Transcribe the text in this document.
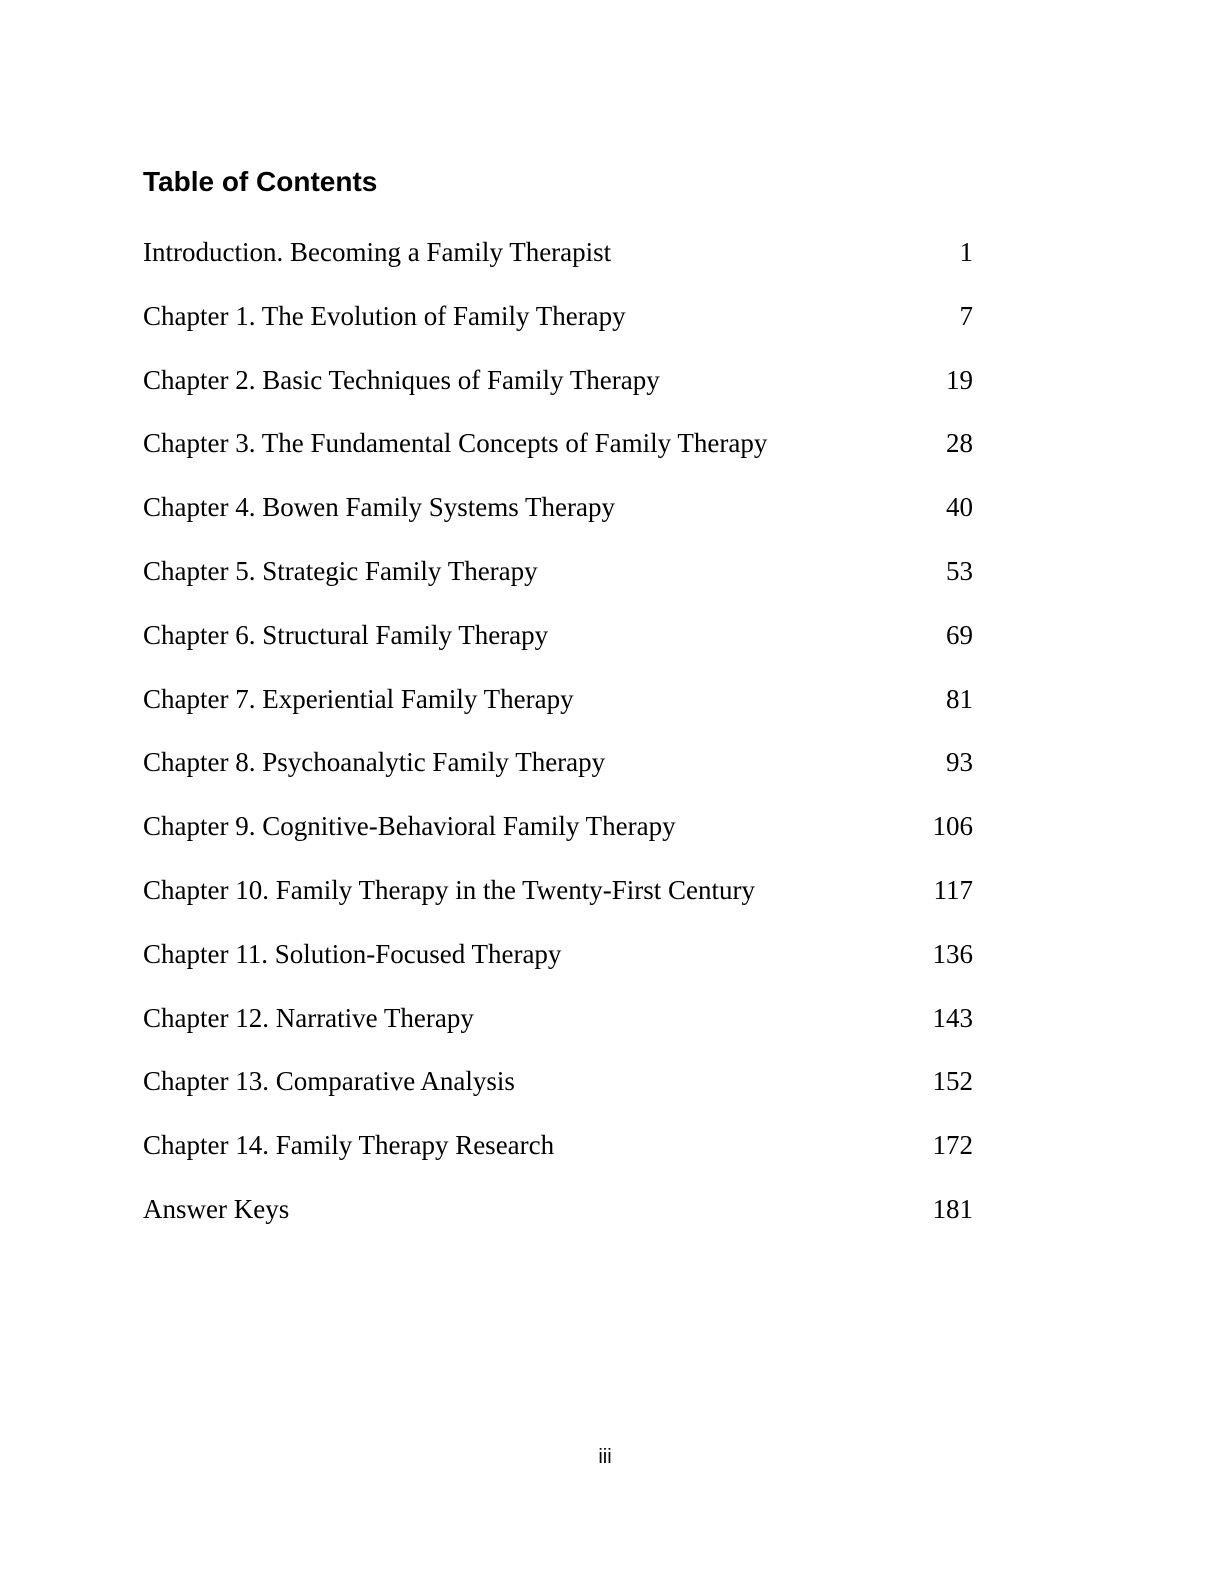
Table of Contents
Introduction. Becoming a Family Therapist	1
Chapter 1. The Evolution of Family Therapy	7
Chapter 2. Basic Techniques of Family Therapy	19
Chapter 3. The Fundamental Concepts of Family Therapy	28
Chapter 4. Bowen Family Systems Therapy	40
Chapter 5. Strategic Family Therapy	53
Chapter 6. Structural Family Therapy	69
Chapter 7. Experiential Family Therapy	81
Chapter 8. Psychoanalytic Family Therapy	93
Chapter 9. Cognitive-Behavioral Family Therapy	106
Chapter 10. Family Therapy in the Twenty-First Century	117
Chapter 11. Solution-Focused Therapy	136
Chapter 12. Narrative Therapy	143
Chapter 13. Comparative Analysis	152
Chapter 14. Family Therapy Research	172
Answer Keys	181
iii
